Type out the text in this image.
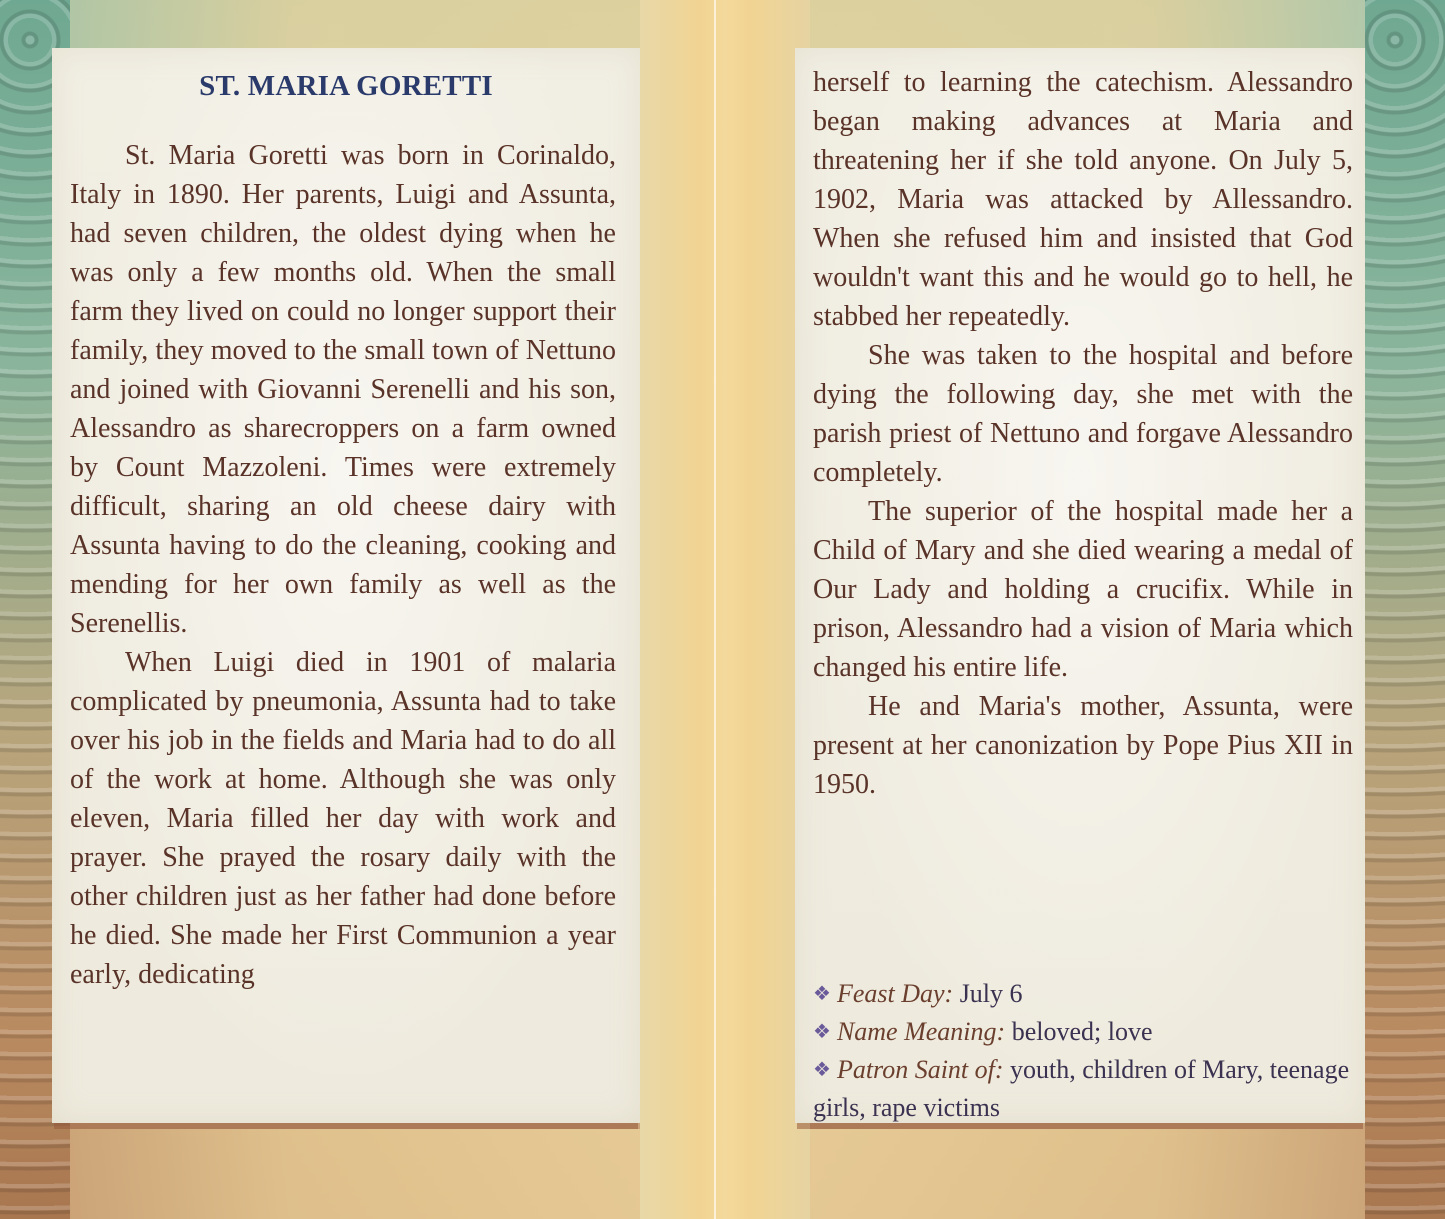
ST. MARIA GORETTI

St. Maria Goretti was born in Corinaldo, Italy in 1890. Her parents, Luigi and Assunta, had seven children, the oldest dying when he was only a few months old. When the small farm they lived on could no longer support their family, they moved to the small town of Nettuno and joined with Giovanni Serenelli and his son, Alessandro as sharecroppers on a farm owned by Count Mazzoleni. Times were extremely difficult, sharing an old cheese dairy with Assunta having to do the cleaning, cooking and mending for her own family as well as the Serenellis.

When Luigi died in 1901 of malaria complicated by pneumonia, Assunta had to take over his job in the fields and Maria had to do all of the work at home. Although she was only eleven, Maria filled her day with work and prayer. She prayed the rosary daily with the other children just as her father had done before he died. She made her First Communion a year early, dedicating

herself to learning the catechism. Alessandro began making advances at Maria and threatening her if she told anyone. On July 5, 1902, Maria was attacked by Allessandro. When she refused him and insisted that God wouldn't want this and he would go to hell, he stabbed her repeatedly.

She was taken to the hospital and before dying the following day, she met with the parish priest of Nettuno and forgave Alessandro completely.

The superior of the hospital made her a Child of Mary and she died wearing a medal of Our Lady and holding a crucifix. While in prison, Alessandro had a vision of Maria which changed his entire life.

He and Maria's mother, Assunta, were present at her canonization by Pope Pius XII in 1950.

❖ Feast Day: July 6
❖ Name Meaning: beloved; love
❖ Patron Saint of: youth, children of Mary, teenage girls, rape victims
